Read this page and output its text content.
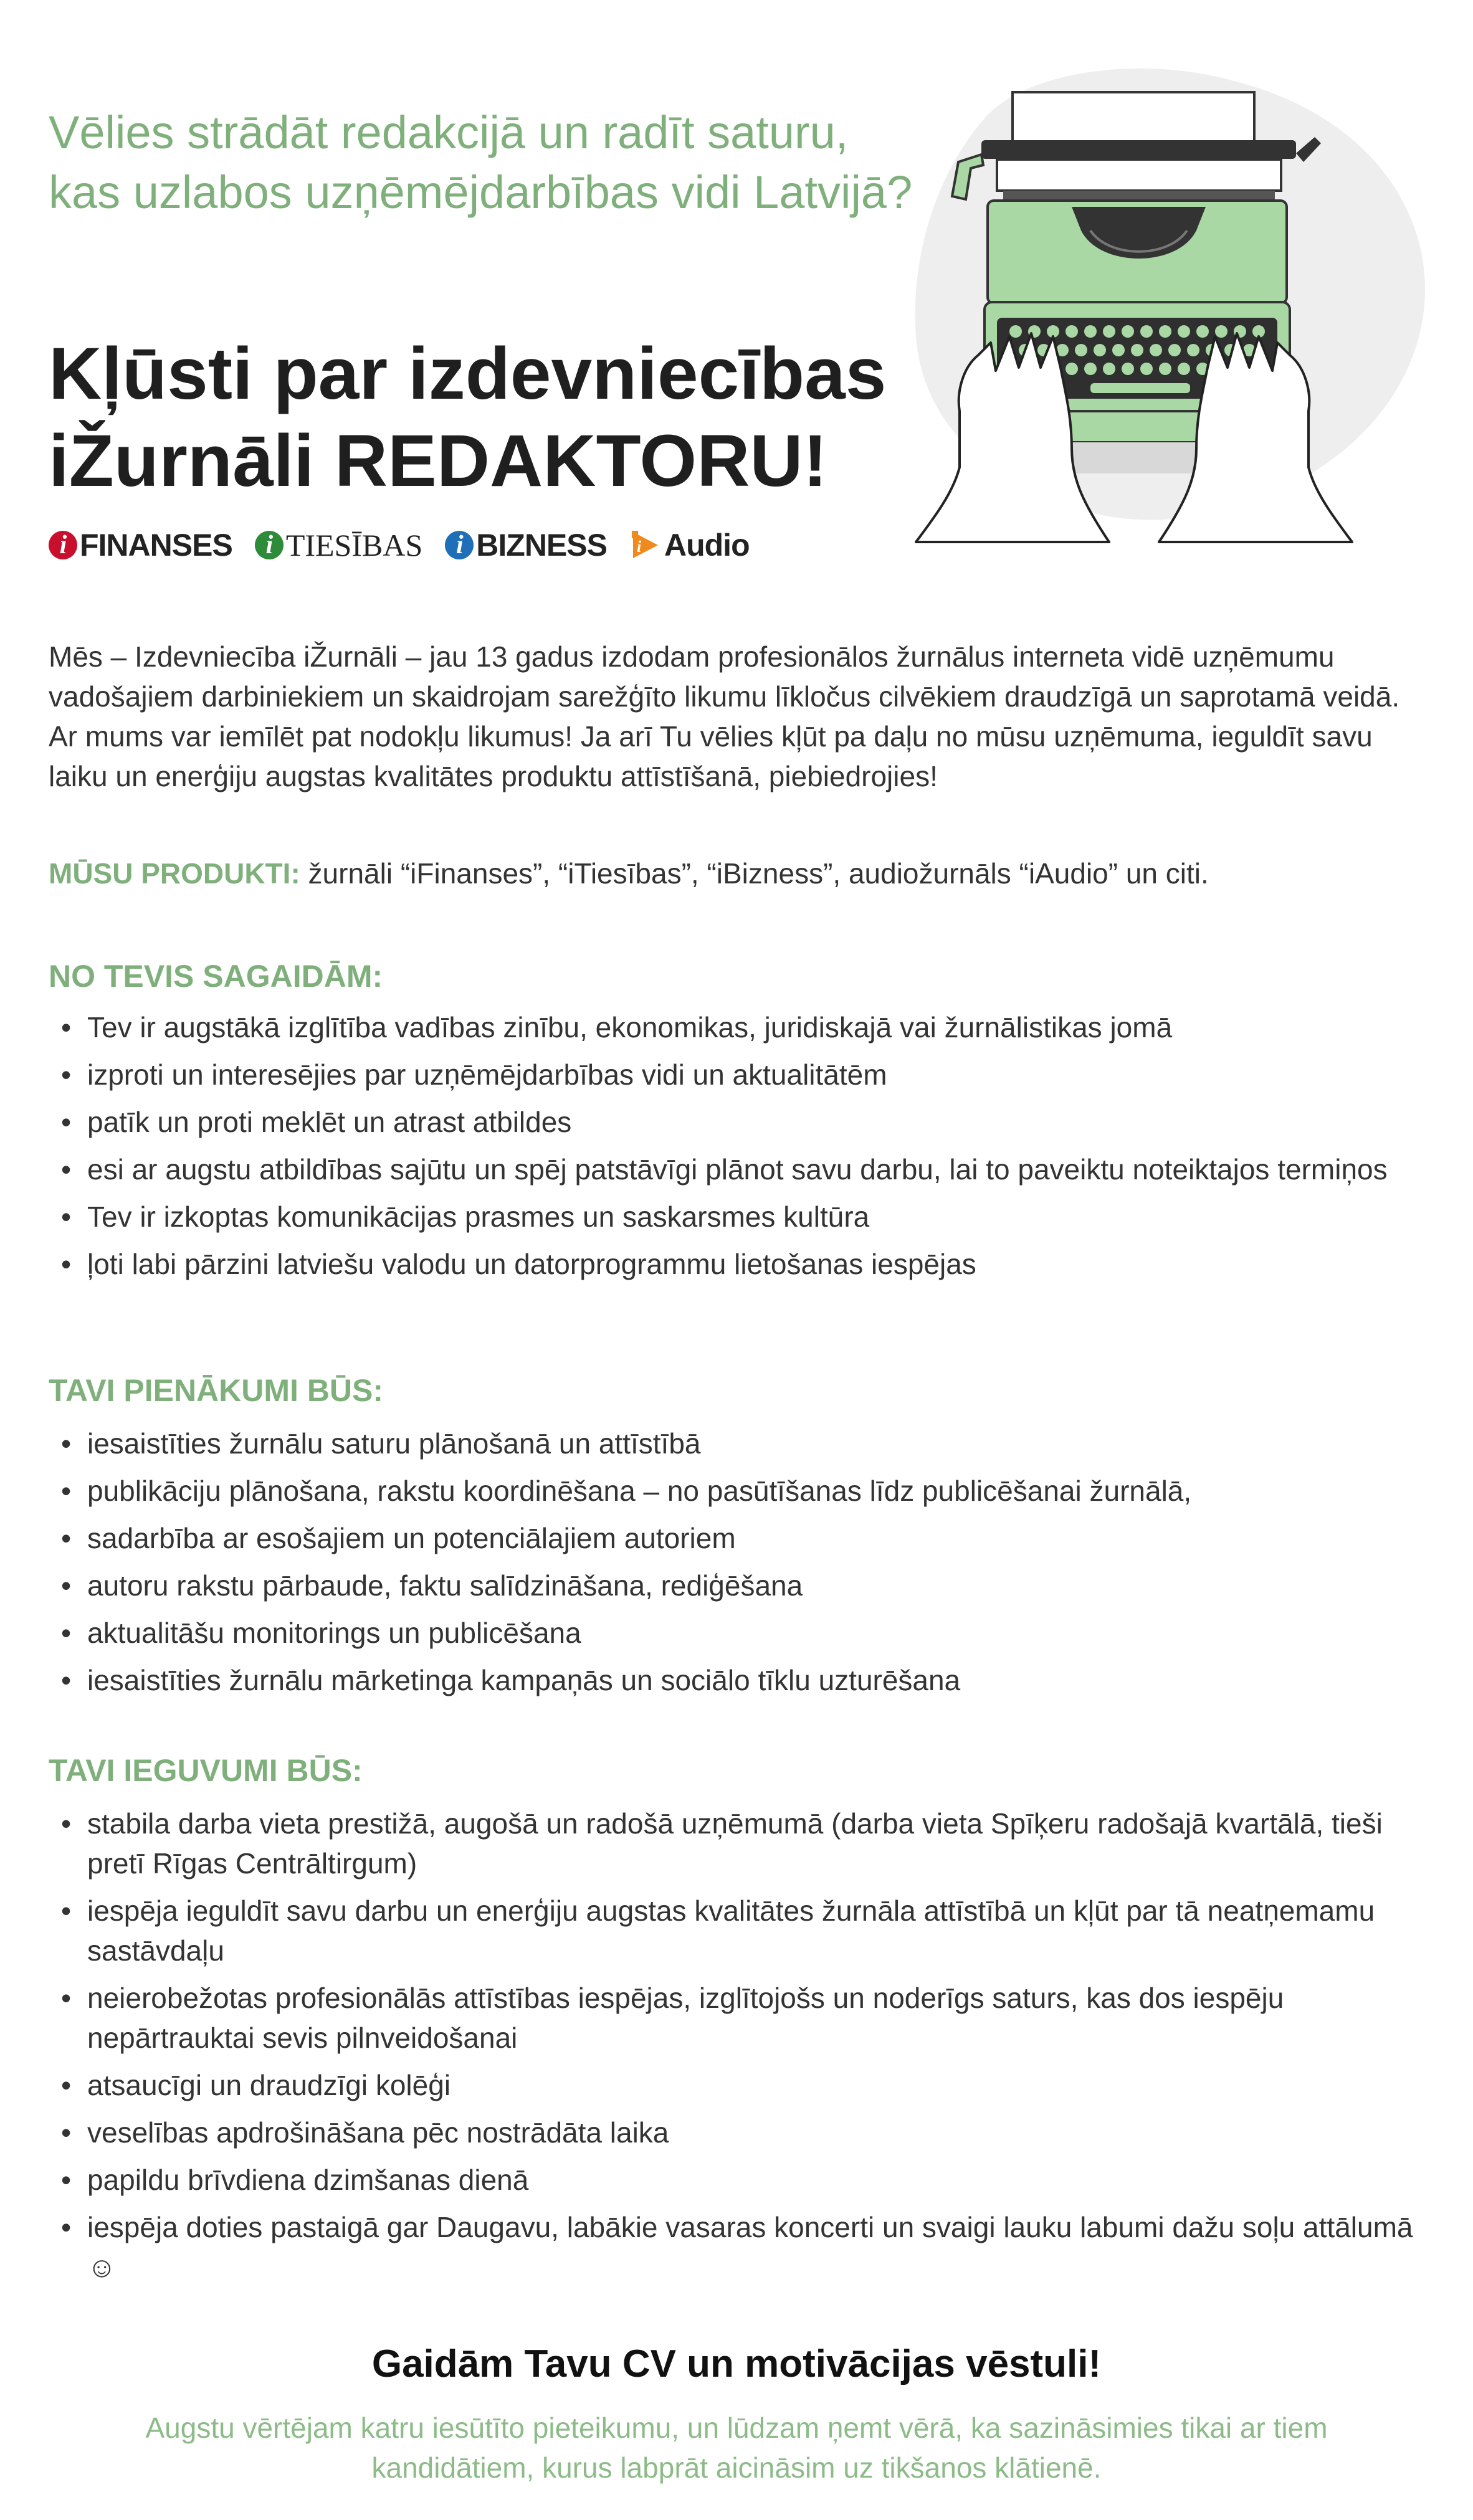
Vēlies strādāt redakcijā un radīt saturu, kas uzlabos uzņēmējdarbības vidi Latvijā?
Kļūsti par izdevniecības iŽurnāli REDAKTORU!
i FINANSES	i TIESĪBAS	i BIZNESS i Audio

Mēs – Izdevniecība iŽurnāli – jau 13 gadus izdodam profesionālos žurnālus interneta vidē uzņēmumu vadošajiem darbiniekiem un skaidrojam sarežģīto likumu līkločus cilvēkiem draudzīgā un saprotamā veidā. Ar mums var iemīlēt pat nodokļu likumus! Ja arī Tu vēlies kļūt pa daļu no mūsu uzņēmuma, ieguldīt savu laiku un enerģiju augstas kvalitātes produktu attīstīšanā, piebiedrojies!

MŪSU PRODUKTI: žurnāli “iFinanses”, “iTiesības”, “iBizness”, audiožurnāls “iAudio” un citi.

NO TEVIS SAGAIDĀM:
• Tev ir augstākā izglītība vadības zinību, ekonomikas, juridiskajā vai žurnālistikas jomā
• izproti un interesējies par uzņēmējdarbības vidi un aktualitātēm
• patīk un proti meklēt un atrast atbildes
• esi ar augstu atbildības sajūtu un spēj patstāvīgi plānot savu darbu, lai to paveiktu noteiktajos termiņos
• Tev ir izkoptas komunikācijas prasmes un saskarsmes kultūra
• ļoti labi pārzini latviešu valodu un datorprogrammu lietošanas iespējas
TAVI PIENĀKUMI BŪS:
• iesaistīties žurnālu saturu plānošanā un attīstībā
• publikāciju plānošana, rakstu koordinēšana – no pasūtīšanas līdz publicēšanai žurnālā,
• sadarbība ar esošajiem un potenciālajiem autoriem
• autoru rakstu pārbaude, faktu salīdzināšana, rediģēšana
• aktualitāšu monitorings un publicēšana
• iesaistīties žurnālu mārketinga kampaņās un sociālo tīklu uzturēšana
TAVI IEGUVUMI BŪS:
• stabila darba vieta prestižā, augošā un radošā uzņēmumā (darba vieta Spīķeru radošajā kvartālā, tieši pretī Rīgas Centrāltirgum)
• iespēja ieguldīt savu darbu un enerģiju augstas kvalitātes žurnāla attīstībā un kļūt par tā neatņemamu sastāvdaļu
• neierobežotas profesionālās attīstības iespējas, izglītojošs un noderīgs saturs, kas dos iespēju nepārtrauktai sevis pilnveidošanai
• atsaucīgi un draudzīgi kolēģi
• veselības apdrošināšana pēc nostrādāta laika
• papildu brīvdiena dzimšanas dienā
• iespēja doties pastaigā gar Daugavu, labākie vasaras koncerti un svaigi lauku labumi dažu soļu attālumā ☺
Gaidām Tavu CV un motivācijas vēstuli!

Augstu vērtējam katru iesūtīto pieteikumu, un lūdzam ņemt vērā, ka sazināsimies tikai ar tiem kandidātiem, kurus labprāt aicināsim uz tikšanos klātienē.
